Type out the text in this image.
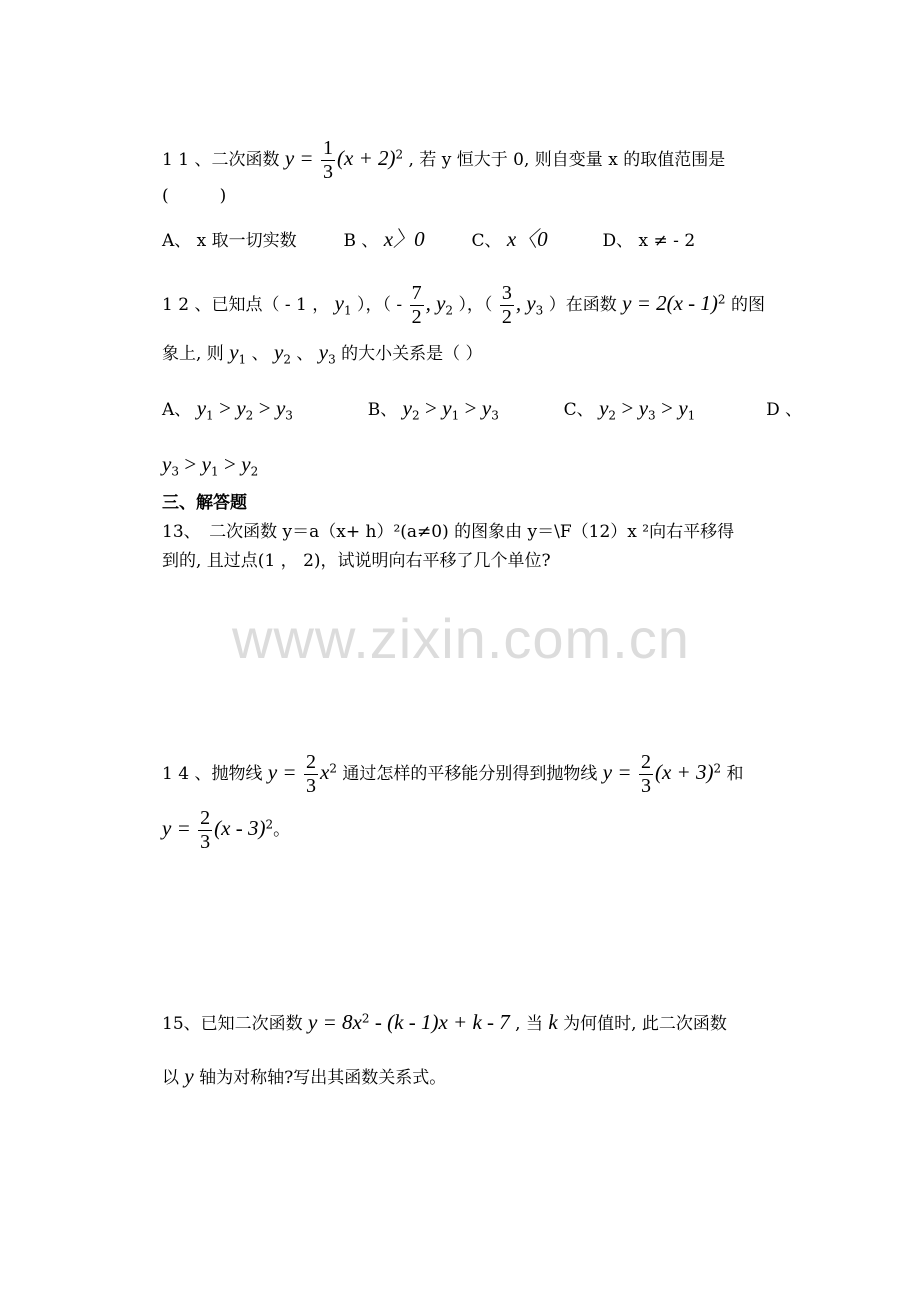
1 1 、二次函数 $y = \frac{1}{3} (x + 2)^2$ , 若 y 恒大于 0, 则自变量 x 的取值范围是
(　　　)
A、 x 取一切实数	B 、 x〉0	C、 x〈0	D、 x ≠ - 2
1 2 、已知点（ - 1 ， $y_1$ ），（ - $\frac{7}{2}$ , $y_2$ ），（ $\frac{3}{2}$ , $y_3$ ）在函数 y = 2(x - 1)$^2$ 的图
象上, 则 $y_1$ 、 $y_2$ 、 $y_3$ 的大小关系是（ ）
A、 $y_1 > y_2 > y_3$	B、 $y_2 > y_1 > y_3$	C、 $y_2 > y_3 > y_1$	D 、
$y_3 > y_1 > y_2$
三、解答题
13、　二次函数 y＝a（x+ h）²(a≠0) 的图象由 y＝\F（12）x ²向右平移得
到的, 且过点(1 ， 2)，试说明向右平移了几个单位?
www.zixin.com.cn
1 4 、抛物线 $y = \frac{2}{3} x^2$ 通过怎样的平移能分别得到抛物线 $y = \frac{2}{3} (x + 3)^2$ 和
$y = \frac{2}{3} (x - 3)^2$。
15、已知二次函数 $y = 8x^2 - (k - 1)x + k - 7$ , 当 k 为何值时, 此二次函数
以 y 轴为对称轴?写出其函数关系式。
